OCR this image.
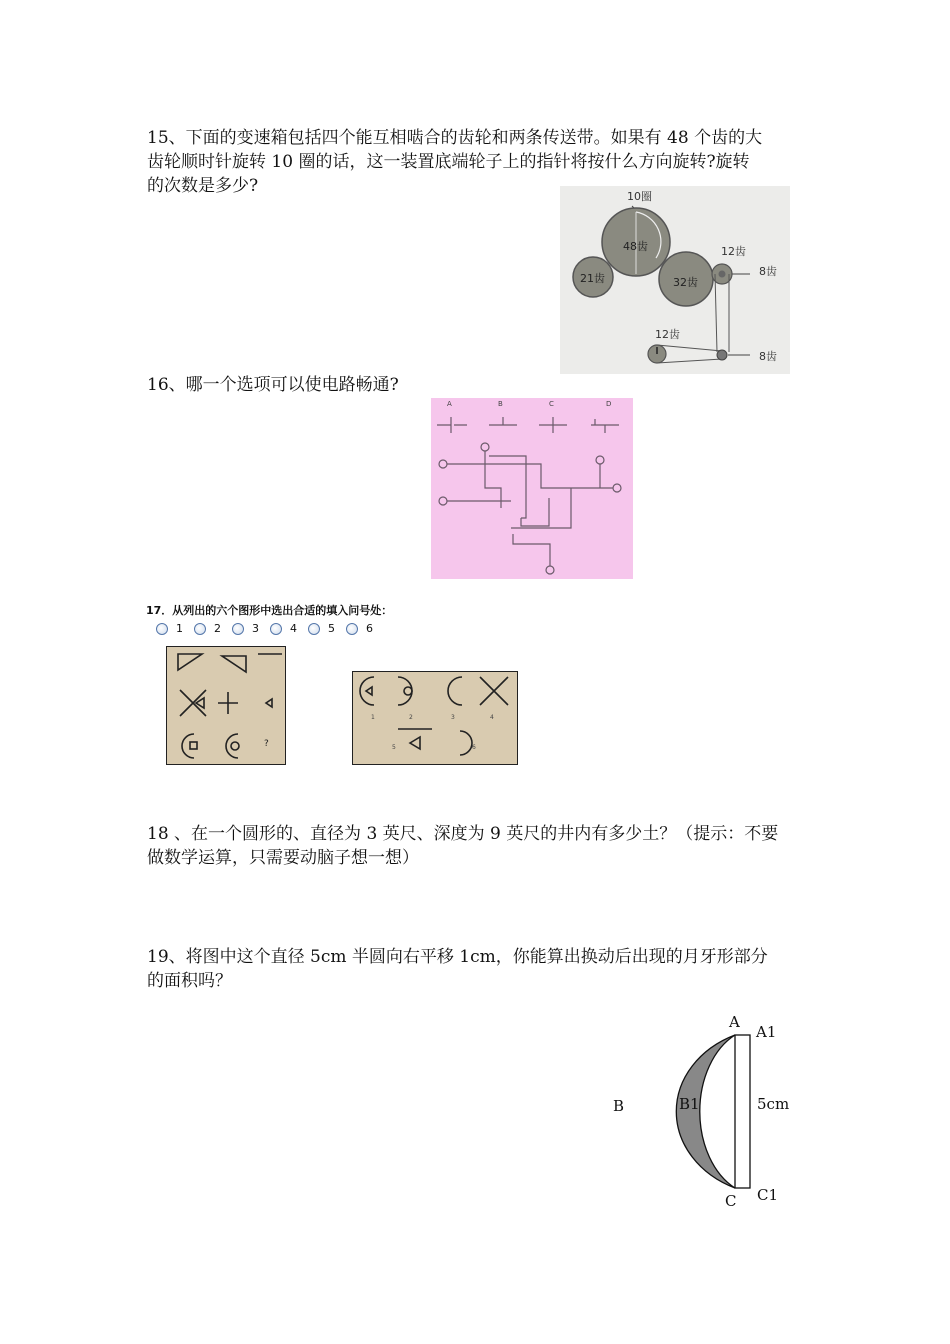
15、下面的变速箱包括四个能互相啮合的齿轮和两条传送带。如果有 48 个齿的大
齿轮顺时针旋转 10 圈的话，这一装置底端轮子上的指针将按什么方向旋转?旋转
的次数是多少?
10圈
48齿
21齿	32齿
12齿
8齿
12齿
8齿
16、哪一个选项可以使电路畅通?
A	B	C	D
17．从列出的六个图形中选出合适的填入问号处：
1	2	3	4	5	6
?
1	2	3	4
5	6
18 、在一个圆形的、直径为 3 英尺、深度为 9 英尺的井内有多少土？（提示：不要
做数学运算，只需要动脑子想一想）
19、将图中这个直径 5cm 半圆向右平移 1cm，你能算出换动后出现的月牙形部分
的面积吗？
A
A1
B	B1	5cm
C C1
